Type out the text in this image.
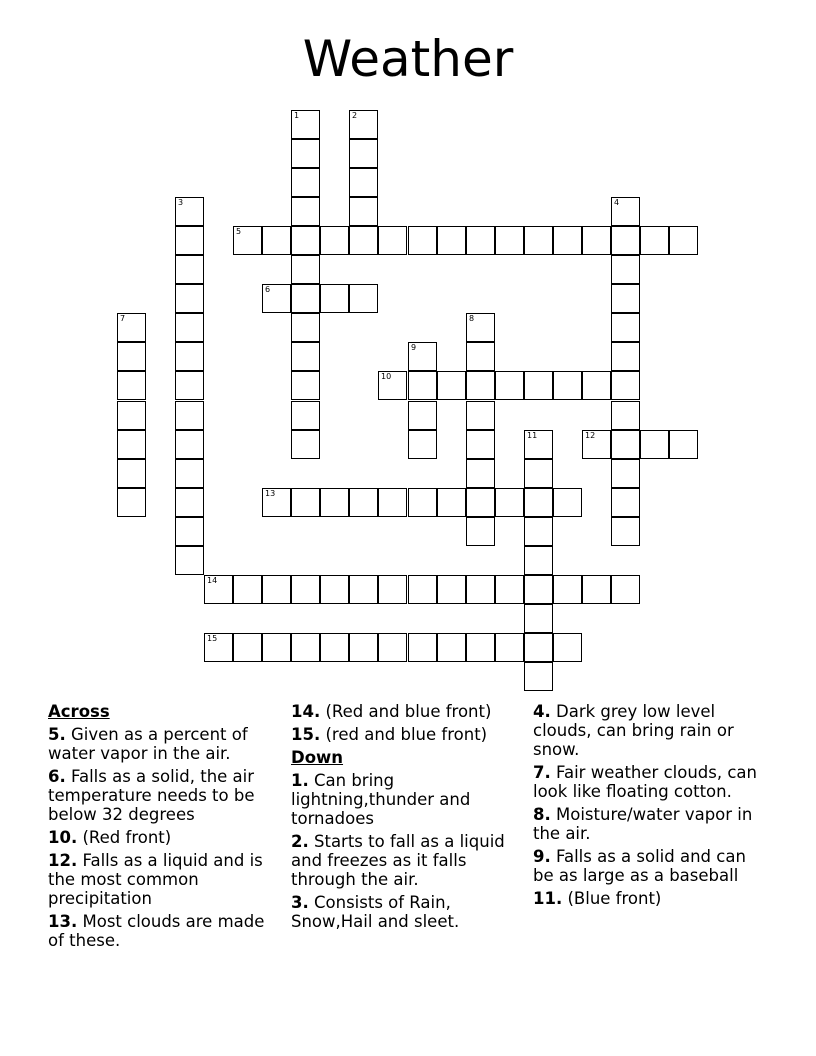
Weather
1	2
3	4
5
6
7	8
9
10
11	12
13
14
15
Across
5. Given as a percent of water vapor in the air.
6. Falls as a solid, the air temperature needs to be below 32 degrees
10. (Red front)
12. Falls as a liquid and is the most common precipitation
13. Most clouds are made of these.
14. (Red and blue front)
15. (red and blue front)
Down
1. Can bring lightning,thunder and tornadoes
2. Starts to fall as a liquid and freezes as it falls through the air.
3. Consists of Rain, Snow,Hail and sleet.
4. Dark grey low level clouds, can bring rain or snow.
7. Fair weather clouds, can look like floating cotton.
8. Moisture/water vapor in the air.
9. Falls as a solid and can be as large as a baseball
11. (Blue front)
